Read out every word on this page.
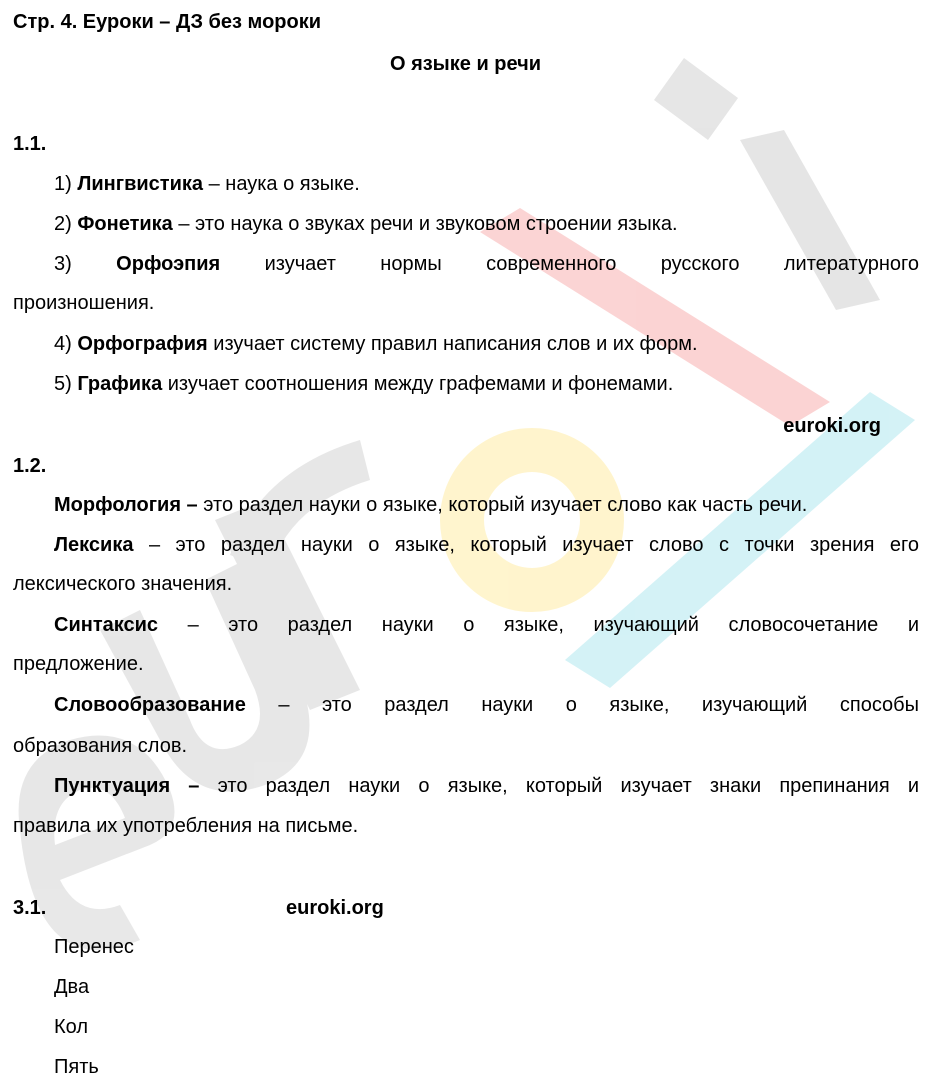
Стр. 4. Еуроки – ДЗ без мороки
О языке и речи
1.1.
1) Лингвистика – наука о языке.
2) Фонетика – это наука о звуках речи и звуковом строении языка.
3) Орфоэпия изучает нормы современного русского литературного
произношения.
4) Орфография изучает систему правил написания слов и их форм.
5) Графика изучает соотношения между графемами и фонемами.
euroki.org
1.2.
Морфология – это раздел науки о языке, который изучает слово как часть речи.
Лексика – это раздел науки о языке, который изучает слово с точки зрения его
лексического значения.
Синтаксис – это раздел науки о языке, изучающий словосочетание и
предложение.
Словообразование – это раздел науки о языке, изучающий способы
образования слов.
Пунктуация – это раздел науки о языке, который изучает знаки препинания и
правила их употребления на письме.
3.1.	euroki.org
Перенес
Два
Кол
Пять
